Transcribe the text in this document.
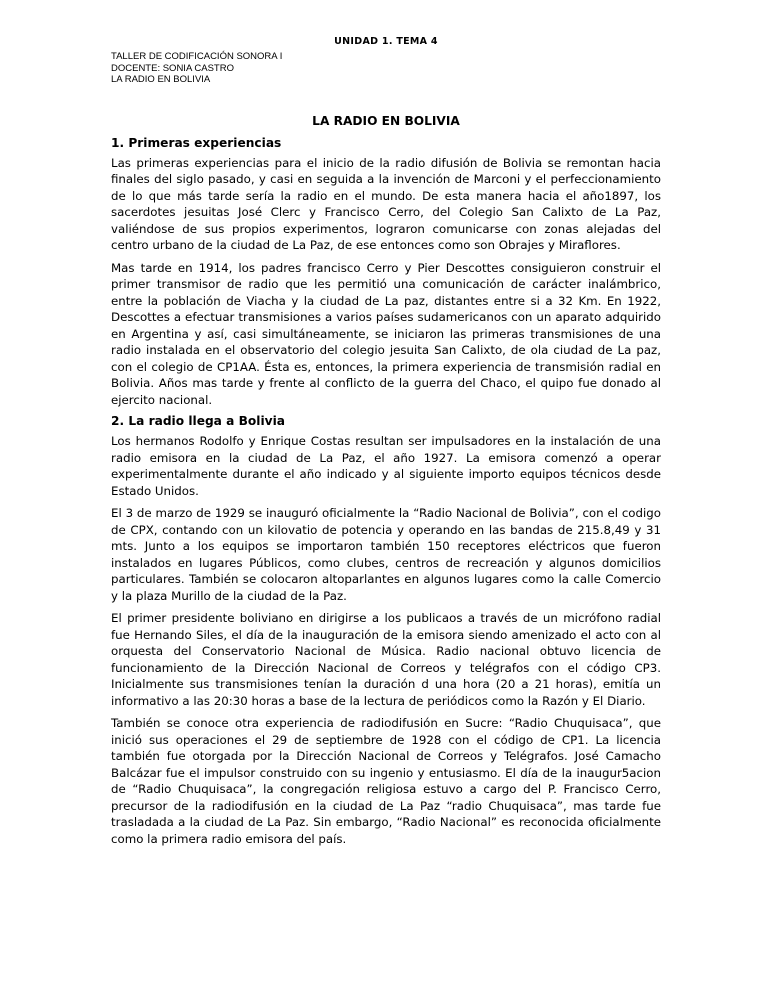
UNIDAD 1. TEMA 4
TALLER DE CODIFICACIÓN SONORA I
DOCENTE: SONIA CASTRO
LA RADIO EN BOLIVIA
LA RADIO EN BOLIVIA
1. Primeras experiencias

Las primeras experiencias para el inicio de la radio difusión de Bolivia se remontan hacia finales del siglo pasado, y casi en seguida a la invención de Marconi y el perfeccionamiento de lo que más tarde sería la radio en el mundo. De esta manera hacia el año1897, los sacerdotes jesuitas José Clerc y Francisco Cerro, del Colegio San Calixto de La Paz, valiéndose de sus propios experimentos, lograron comunicarse con zonas alejadas del centro urbano de la ciudad de La Paz, de ese entonces como son Obrajes y Miraflores.

Mas tarde en 1914, los padres francisco Cerro y Pier Descottes consiguieron construir el primer transmisor de radio que les permitió una comunicación de carácter inalámbrico, entre la población de Viacha y la ciudad de La paz, distantes entre si a 32 Km. En 1922, Descottes a efectuar transmisiones a varios países sudamericanos con un aparato adquirido en Argentina y así, casi simultáneamente, se iniciaron las primeras transmisiones de una radio instalada en el observatorio del colegio jesuita San Calixto, de ola ciudad de La paz, con el colegio de CP1AA. Ésta es, entonces, la primera experiencia de transmisión radial en Bolivia. Años mas tarde y frente al conflicto de la guerra del Chaco, el quipo fue donado al ejercito nacional.

2. La radio llega a Bolivia

Los hermanos Rodolfo y Enrique Costas resultan ser impulsadores en la instalación de una radio emisora en la ciudad de La Paz, el año 1927. La emisora comenzó a operar experimentalmente durante el año indicado y al siguiente importo equipos técnicos desde Estado Unidos.

El 3 de marzo de 1929 se inauguró oficialmente la “Radio Nacional de Bolivia”, con el codigo de CPX, contando con un kilovatio de potencia y operando en las bandas de 215.8,49 y 31 mts. Junto a los equipos se importaron también 150 receptores eléctricos que fueron instalados en lugares Públicos, como clubes, centros de recreación y algunos domicilios particulares. También se colocaron altoparlantes en algunos lugares como la calle Comercio y la plaza Murillo de la ciudad de la Paz.

El primer presidente boliviano en dirigirse a los publicaos a través de un micrófono radial fue Hernando Siles, el día de la inauguración de la emisora siendo amenizado el acto con al orquesta del Conservatorio Nacional de Música. Radio nacional obtuvo licencia de funcionamiento de la Dirección Nacional de Correos y telégrafos con el código CP3. Inicialmente sus transmisiones tenían la duración d una hora (20 a 21 horas), emitía un informativo a las 20:30 horas a base de la lectura de periódicos como la Razón y El Diario.

También se conoce otra experiencia de radiodifusión en Sucre: “Radio Chuquisaca”, que inició sus operaciones el 29 de septiembre de 1928 con el código de CP1. La licencia también fue otorgada por la Dirección Nacional de Correos y Telégrafos. José Camacho Balcázar fue el impulsor construido con su ingenio y entusiasmo. El día de la inaugur5acion de “Radio Chuquisaca”, la congregación religiosa estuvo a cargo del P. Francisco Cerro, precursor de la radiodifusión en la ciudad de La Paz “radio Chuquisaca”, mas tarde fue trasladada a la ciudad de La Paz. Sin embargo, “Radio Nacional” es reconocida oficialmente como la primera radio emisora del país.
